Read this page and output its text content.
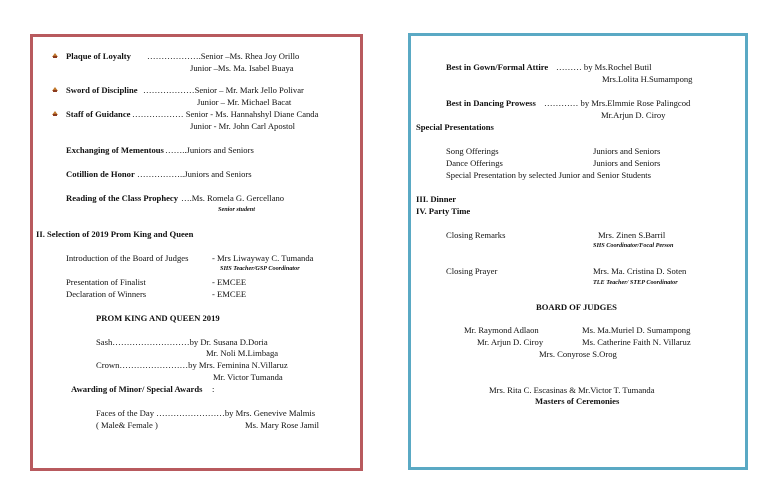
Plaque of Loyalty ……………….Senior –Ms. Rhea Joy Orillo
Junior –Ms. Ma. Isabel Buaya
Sword of Discipline ………………Senior – Mr. Mark Jello Polivar
Junior – Mr. Michael Bacat
Staff of Guidance ……………… Senior - Ms. Hannahshyl Diane Canda
Junior - Mr. John Carl Apostol
Exchanging of Mementous ……..Juniors and Seniors
Cotillion de Honor ……………..Juniors and Seniors
Reading of the Class Prophecy ….Ms. Romela G. Gercellano
Senior student
II. Selection of 2019 Prom King and Queen
Introduction of the Board of Judges	- Mrs Liwayway C. Tumanda
SHS Teacher/GSP Coordinator
Presentation of Finalist	- EMCEE
Declaration of Winners	- EMCEE
PROM KING AND QUEEN 2019
Sash………………………by Dr. Susana D.Doria
Mr. Noli M.Limbaga
Crown……………………by Mrs. Feminina N.Villaruz
Mr. Victor Tumanda
Awarding of Minor/ Special Awards :
Faces of the Day ……………………by Mrs. Genevive Malmis
( Male& Female )	Ms. Mary Rose Jamil
Best in Gown/Formal Attire ……… by Ms.Rochel Butil
Mrs.Lolita H.Sumampong
Best in Dancing Prowess ………… by Mrs.Elmmie Rose Palingcod
Mr.Arjun D. Ciroy
Special Presentations
Song Offerings	Juniors and Seniors
Dance Offerings	Juniors and Seniors
Special Presentation by selected Junior and Senior Students
III. Dinner
IV. Party Time
Closing Remarks	Mrs. Zinen S.Barril
SHS Coordinator/Focal Person
Closing Prayer	Mrs. Ma. Cristina D. Soten
TLE Teacher/ STEP Coordinator
BOARD OF JUDGES
Mr. Raymond Adlaon	Ms. Ma.Muriel D. Sumampong
Mr. Arjun D. Ciroy	Ms. Catherine Faith N. Villaruz
Mrs. Conyrose S.Orog
Mrs. Rita C. Escasinas & Mr.Victor T. Tumanda
Masters of Ceremonies
